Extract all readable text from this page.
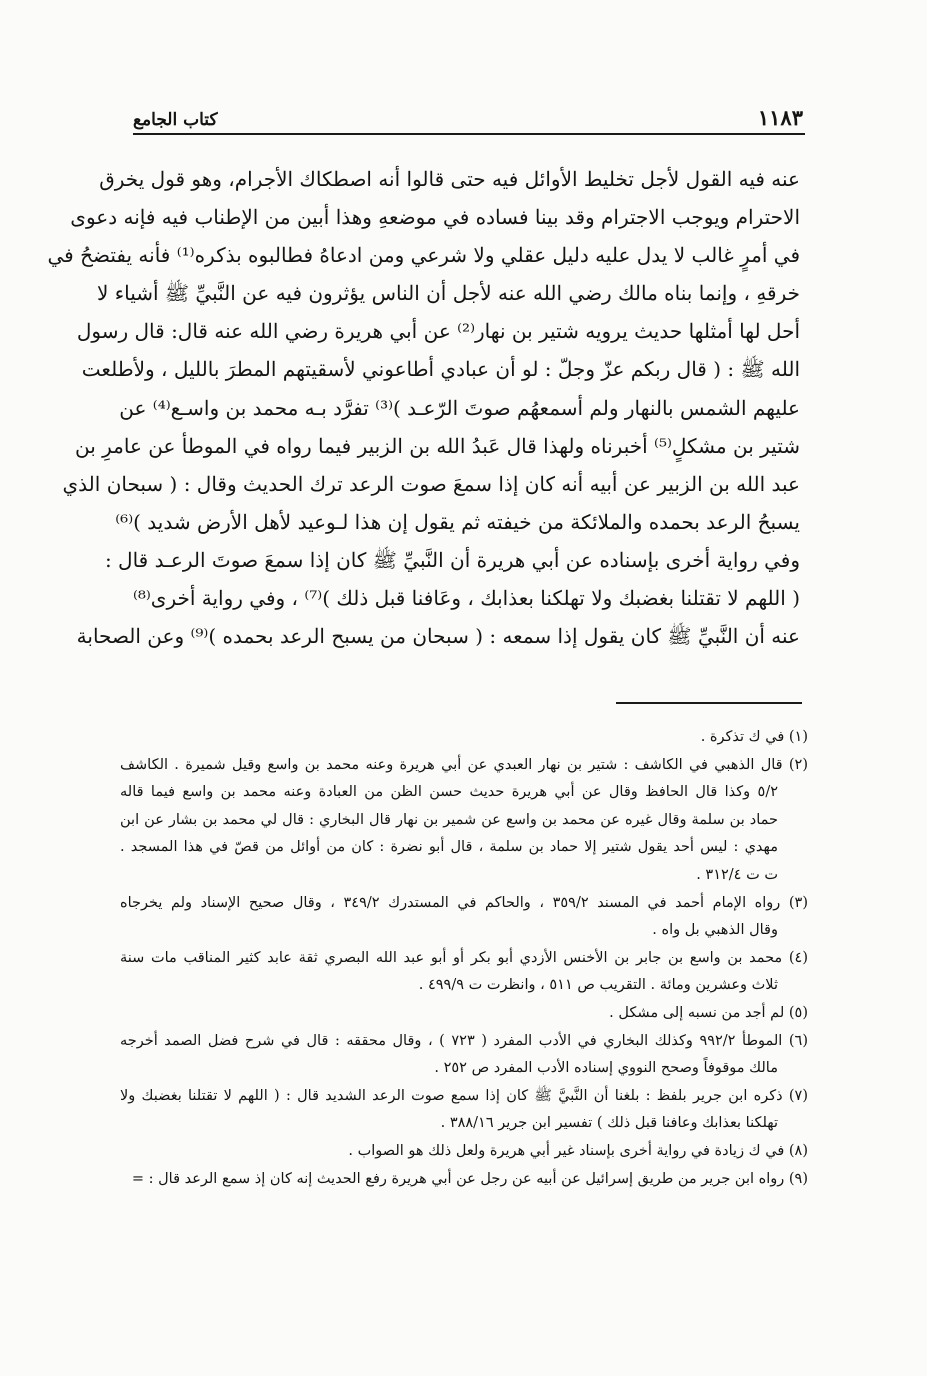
١١٨٣
كتاب الجامع
عنه فيه القول لأجل تخليط الأوائل فيه حتى قالوا أنه اصطكاك الأجرام، وهو قول يخرق
الاحترام ويوجب الاجترام وقد بينا فساده في موضعهِ وهذا أبين من الإطناب فيه فإنه دعوى
في أمرٍ غالب لا يدل عليه دليل عقلي ولا شرعي ومن ادعاهُ فطالبوه بذكره⁽¹⁾ فأنه يفتضحُ في
خرقهِ ، وإنما بناه مالك رضي الله عنه لأجل أن الناس يؤثرون فيه عن النَّبيِّ ﷺ أشياء لا
أحل لها أمثلها حديث يرويه شتير بن نهار⁽²⁾ عن أبي هريرة رضي الله عنه قال: قال رسول
الله ﷺ : ( قال ربكم عزّ وجلّ : لو أن عبادي أطاعوني لأسقيتهم المطرَ بالليل ، ولأطلعت
عليهم الشمس بالنهار ولم أسمعهُم صوتَ الرّعـد )⁽³⁾ تفرَّد بـه محمد بن واسـع⁽⁴⁾ عن
شتير بن مشكلٍ⁽⁵⁾ أخبرناه ولهذا قال عَبدُ الله بن الزبير فيما رواه في الموطأ عن عامرِ بن
عبد الله بن الزبير عن أبيه أنه كان إذا سمعَ صوت الرعد ترك الحديث وقال : ( سبحان الذي
يسبحُ الرعد بحمده والملائكة من خيفته ثم يقول إن هذا لـوعيد لأهل الأرض شديد )⁽⁶⁾
وفي رواية أخرى بإسناده عن أبي هريرة أن النَّبيِّ ﷺ كان إذا سمعَ صوتَ الرعـد قال :
( اللهم لا تقتلنا بغضبك ولا تهلكنا بعذابك ، وعَافنا قبل ذلك )⁽⁷⁾ ، وفي رواية أخرى⁽⁸⁾
عنه أن النَّبيِّ ﷺ كان يقول إذا سمعه : ( سبحان من يسبح الرعد بحمده )⁽⁹⁾ وعن الصحابة
(١) في ك تذكرة .
(٢) قال الذهبي في الكاشف : شتير بن نهار العبدي عن أبي هريرة وعنه محمد بن واسع وقيل شميرة . الكاشف
٥/٢ وكذا قال الحافظ وقال عن أبي هريرة حديث حسن الظن من العبادة وعنه محمد بن واسع فيما قاله
حماد بن سلمة وقال غيره عن محمد بن واسع عن شمير بن نهار قال البخاري : قال لي محمد بن بشار عن ابن
مهدي : ليس أحد يقول شتير إلا حماد بن سلمة ، قال أبو نضرة : كان من أوائل من قصّ في هذا المسجد .
ت ت ٣١٢/٤ .
(٣) رواه الإمام أحمد في المسند ٣٥٩/٢ ، والحاكم في المستدرك ٣٤٩/٢ ، وقال صحيح الإسناد ولم يخرجاه
وقال الذهبي بل واه .
(٤) محمد بن واسع بن جابر بن الأخنس الأزدي أبو بكر أو أبو عبد الله البصري ثقة عابد كثير المناقب مات سنة
ثلاث وعشرين ومائة . التقريب ص ٥١١ ، وانظرت ت ٤٩٩/٩ .
(٥) لم أجد من نسبه إلى مشكل .
(٦) الموطأ ٩٩٢/٢ وكذلك البخاري في الأدب المفرد ( ٧٢٣ ) ، وقال محققه : قال في شرح فضل الصمد أخرجه
مالك موقوفاً وصحح النووي إسناده الأدب المفرد ص ٢٥٢ .
(٧) ذكره ابن جرير بلفظ : بلغنا أن النَّبيَّ ﷺ كان إذا سمع صوت الرعد الشديد قال : ( اللهم لا تقتلنا بغضبك ولا
تهلكنا بعذابك وعافنا قبل ذلك ) تفسير ابن جرير ٣٨٨/١٦ .
(٨) في ك زيادة في رواية أخرى بإسناد غير أبي هريرة ولعل ذلك هو الصواب .
(٩) رواه ابن جرير من طريق إسرائيل عن أبيه عن رجل عن أبي هريرة رفع الحديث إنه كان إذ سمع الرعد قال : =
